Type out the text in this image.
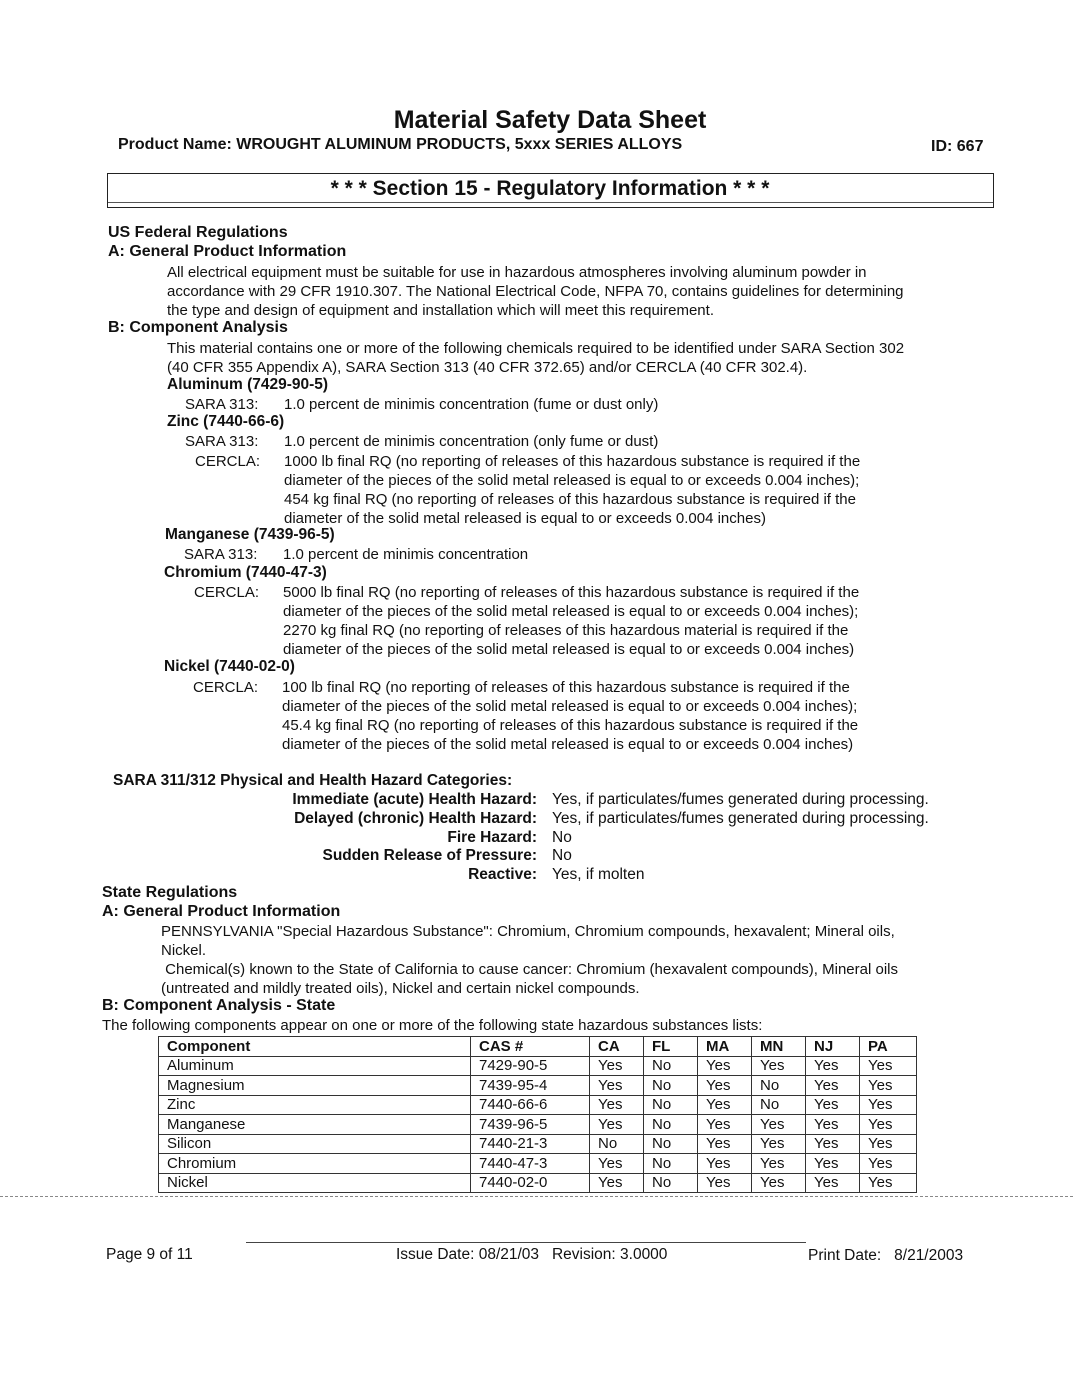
Material Safety Data Sheet
Product Name: WROUGHT ALUMINUM PRODUCTS, 5xxx SERIES ALLOYS	ID: 667
* * * Section 15 - Regulatory Information * * *
US Federal Regulations
A: General Product Information
All electrical equipment must be suitable for use in hazardous atmospheres involving aluminum powder in
accordance with 29 CFR 1910.307. The National Electrical Code, NFPA 70, contains guidelines for determining
the type and design of equipment and installation which will meet this requirement.
B: Component Analysis
This material contains one or more of the following chemicals required to be identified under SARA Section 302
(40 CFR 355 Appendix A), SARA Section 313 (40 CFR 372.65) and/or CERCLA (40 CFR 302.4).
Aluminum (7429-90-5)
SARA 313: 1.0 percent de minimis concentration (fume or dust only)
Zinc (7440-66-6)
SARA 313: 1.0 percent de minimis concentration (only fume or dust)
CERCLA: 1000 lb final RQ (no reporting of releases of this hazardous substance is required if the
diameter of the pieces of the solid metal released is equal to or exceeds 0.004 inches);
454 kg final RQ (no reporting of releases of this hazardous substance is required if the
diameter of the solid metal released is equal to or exceeds 0.004 inches)
Manganese (7439-96-5)
SARA 313: 1.0 percent de minimis concentration
Chromium (7440-47-3)
CERCLA: 5000 lb final RQ (no reporting of releases of this hazardous substance is required if the
diameter of the pieces of the solid metal released is equal to or exceeds 0.004 inches);
2270 kg final RQ (no reporting of releases of this hazardous material is required if the
diameter of the pieces of the solid metal released is equal to or exceeds 0.004 inches)
Nickel (7440-02-0)
CERCLA: 100 lb final RQ (no reporting of releases of this hazardous substance is required if the
diameter of the pieces of the solid metal released is equal to or exceeds 0.004 inches);
45.4 kg final RQ (no reporting of releases of this hazardous substance is required if the
diameter of the pieces of the solid metal released is equal to or exceeds 0.004 inches)
SARA 311/312 Physical and Health Hazard Categories:
Immediate (acute) Health Hazard: Yes, if particulates/fumes generated during processing.
Delayed (chronic) Health Hazard: Yes, if particulates/fumes generated during processing.
Fire Hazard: No
Sudden Release of Pressure: No
Reactive: Yes, if molten
State Regulations
A: General Product Information
PENNSYLVANIA "Special Hazardous Substance": Chromium, Chromium compounds, hexavalent; Mineral oils,
Nickel.
Chemical(s) known to the State of California to cause cancer: Chromium (hexavalent compounds), Mineral oils
(untreated and mildly treated oils), Nickel and certain nickel compounds.
B: Component Analysis - State
The following components appear on one or more of the following state hazardous substances lists:
Component	CAS #	CA	FL	MA	MN	NJ	PA
Aluminum	7429-90-5	Yes	No	Yes	Yes	Yes	Yes
Magnesium	7439-95-4	Yes	No	Yes	No	Yes	Yes
Zinc	7440-66-6	Yes	No	Yes	No	Yes	Yes
Manganese	7439-96-5	Yes	No	Yes	Yes	Yes	Yes
Silicon	7440-21-3	No	No	Yes	Yes	Yes	Yes
Chromium	7440-47-3	Yes	No	Yes	Yes	Yes	Yes
Nickel	7440-02-0	Yes	No	Yes	Yes	Yes	Yes
Page 9 of 11	Issue Date: 08/21/03   Revision: 3.0000	Print Date:   8/21/2003
